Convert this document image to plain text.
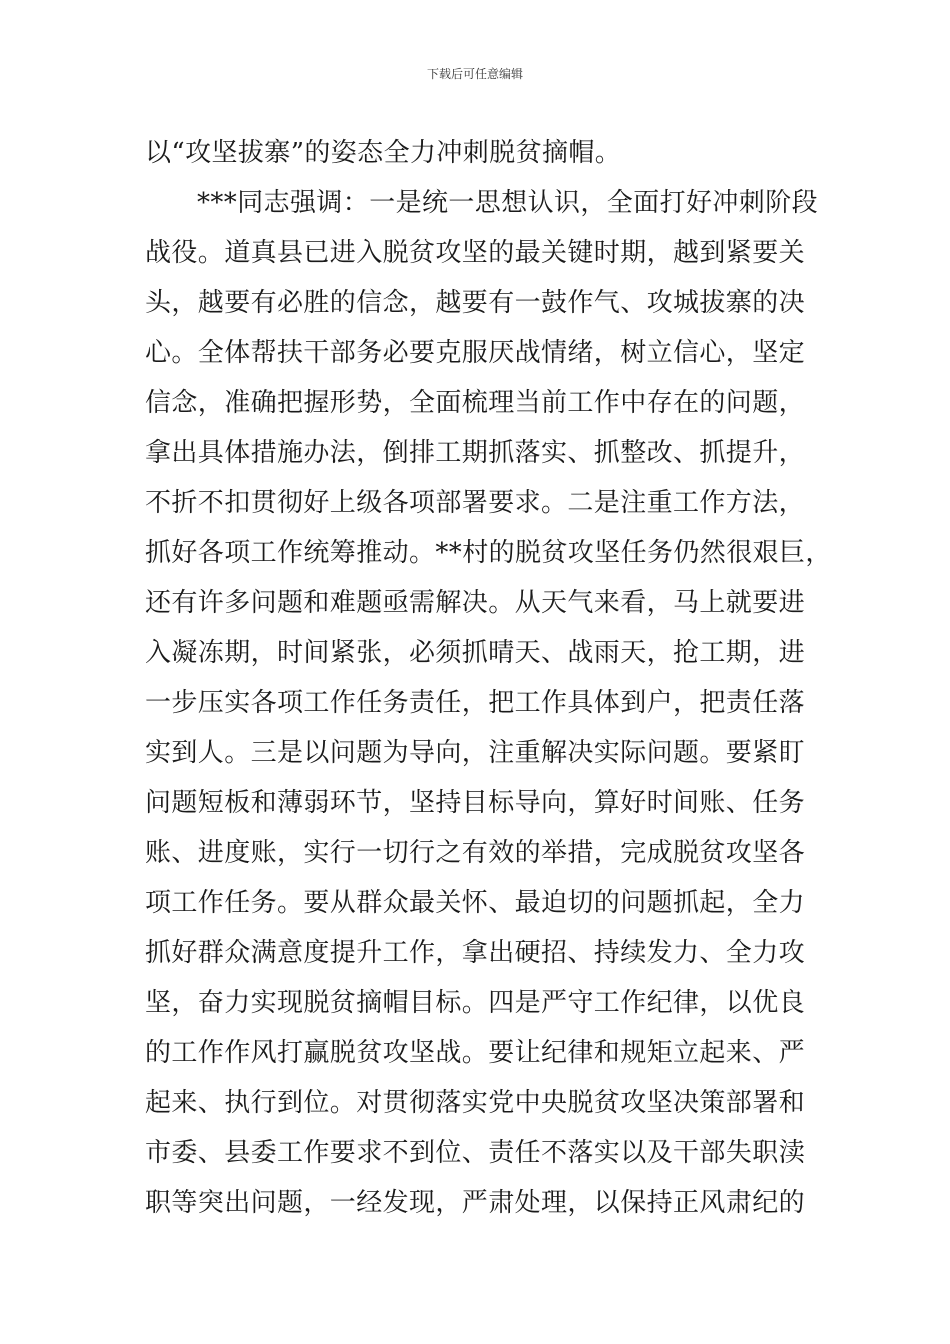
下载后可任意编辑
以“攻坚拔寨”的姿态全力冲刺脱贫摘帽。
***同志强调：一是统一思想认识，全面打好冲刺阶段
战役。道真县已进入脱贫攻坚的最关键时期，越到紧要关
头，越要有必胜的信念，越要有一鼓作气、攻城拔寨的决
心。全体帮扶干部务必要克服厌战情绪，树立信心，坚定
信念，准确把握形势，全面梳理当前工作中存在的问题，
拿出具体措施办法，倒排工期抓落实、抓整改、抓提升，
不折不扣贯彻好上级各项部署要求。二是注重工作方法，
抓好各项工作统筹推动。**村的脱贫攻坚任务仍然很艰巨，
还有许多问题和难题亟需解决。从天气来看，马上就要进
入凝冻期，时间紧张，必须抓晴天、战雨天，抢工期，进
一步压实各项工作任务责任，把工作具体到户，把责任落
实到人。三是以问题为导向，注重解决实际问题。要紧盯
问题短板和薄弱环节，坚持目标导向，算好时间账、任务
账、进度账，实行一切行之有效的举措，完成脱贫攻坚各
项工作任务。要从群众最关怀、最迫切的问题抓起，全力
抓好群众满意度提升工作，拿出硬招、持续发力、全力攻
坚，奋力实现脱贫摘帽目标。四是严守工作纪律，以优良
的工作作风打赢脱贫攻坚战。要让纪律和规矩立起来、严
起来、执行到位。对贯彻落实党中央脱贫攻坚决策部署和
市委、县委工作要求不到位、责任不落实以及干部失职渎
职等突出问题，一经发现，严肃处理，以保持正风肃纪的
